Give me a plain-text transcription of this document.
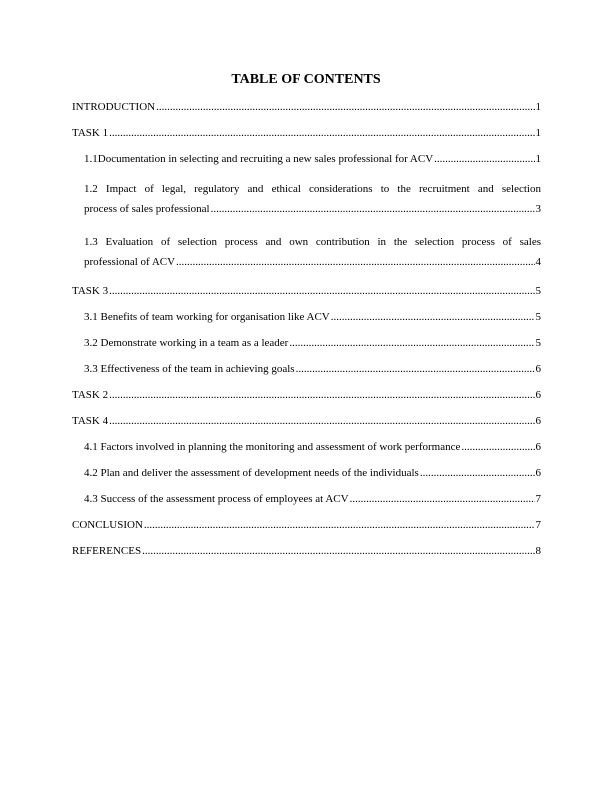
TABLE OF CONTENTS
INTRODUCTION .....	1
TASK 1 .....	1
1.1Documentation in selecting and recruiting a new sales professional for ACV .....	1
1.2 Impact of legal, regulatory and ethical considerations to the recruitment and selection
process of sales professional .....	3
1.3 Evaluation of selection process and own contribution in the selection process of sales
professional of ACV .....	4
TASK 3 .....	5
3.1 Benefits of team working for organisation like ACV .....	5
3.2 Demonstrate working in a team as a leader .....	5
3.3 Effectiveness of the team in achieving goals .....	6
TASK 2 .....	6
TASK 4 .....	6
4.1 Factors involved in planning the monitoring and assessment of work performance .....	6
4.2 Plan and deliver the assessment of development needs of the individuals .....	6
4.3 Success of the assessment process of employees at ACV .....	7
CONCLUSION .....	7
REFERENCES .....	8
